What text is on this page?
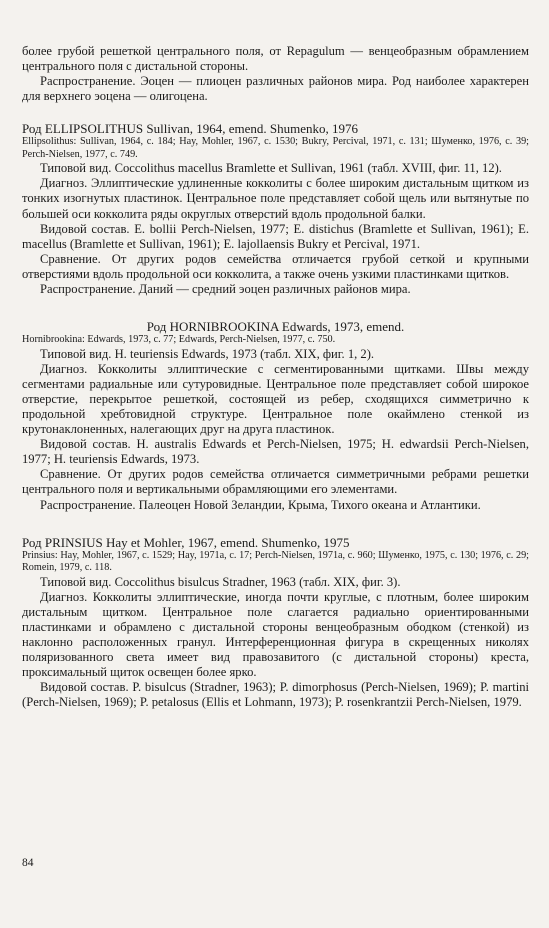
более грубой решеткой центрального поля, от Repagulum — венцеобразным обрамлением центрального поля с дистальной стороны.

Распространение. Эоцен — плиоцен различных районов мира. Род наиболее характерен для верхнего эоцена — олигоцена.

Род ELLIPSOLITHUS Sullivan, 1964, emend. Shumenko, 1976

Ellipsolithus: Sullivan, 1964, c. 184; Hay, Mohler, 1967, c. 1530; Bukry, Percival, 1971, c. 131; Шуменко, 1976, c. 39; Perch-Nielsen, 1977, c. 749.

Типовой вид. Coccolithus macellus Bramlette et Sullivan, 1961 (табл. XVIII, фиг. 11, 12).

Диагноз. Эллиптические удлиненные кокколиты с более широким дистальным щитком из тонких изогнутых пластинок. Центральное поле представляет собой щель или вытянутые по большей оси кокколита ряды округлых отверстий вдоль продольной балки.

Видовой состав. E. bollii Perch-Nielsen, 1977; E. distichus (Bramlette et Sullivan, 1961); E. macellus (Bramlette et Sullivan, 1961); E. lajollaensis Bukry et Percival, 1971.

Сравнение. От других родов семейства отличается грубой сеткой и крупными отверстиями вдоль продольной оси кокколита, а также очень узкими пластинками щитков.

Распространение. Даний — средний эоцен различных районов мира.

Род HORNIBROOKINA Edwards, 1973, emend.

Hornibrookina: Edwards, 1973, c. 77; Edwards, Perch-Nielsen, 1977, c. 750.

Типовой вид. H. teuriensis Edwards, 1973 (табл. XIX, фиг. 1, 2).

Диагноз. Кокколиты эллиптические с сегментированными щитками. Швы между сегментами радиальные или сутуровидные. Центральное поле представляет собой широкое отверстие, перекрытое решеткой, состоящей из ребер, сходящихся симметрично к продольной хребтовидной структуре. Центральное поле окаймлено стенкой из крутонаклоненных, налегающих друг на друга пластинок.

Видовой состав. H. australis Edwards et Perch-Nielsen, 1975; H. edwardsii Perch-Nielsen, 1977; H. teuriensis Edwards, 1973.

Сравнение. От других родов семейства отличается симметричными ребрами решетки центрального поля и вертикальными обрамляющими его элементами.

Распространение. Палеоцен Новой Зеландии, Крыма, Тихого океана и Атлантики.

Род PRINSIUS Hay et Mohler, 1967, emend. Shumenko, 1975

Prinsius: Hay, Mohler, 1967, c. 1529; Hay, 1971a, c. 17; Perch-Nielsen, 1971a, c. 960; Шуменко, 1975, c. 130; 1976, c. 29; Romein, 1979, c. 118.

Типовой вид. Coccolithus bisulcus Stradner, 1963 (табл. XIX, фиг. 3).

Диагноз. Кокколиты эллиптические, иногда почти круглые, с плотным, более широким дистальным щитком. Центральное поле слагается радиально ориентированными пластинками и обрамлено с дистальной стороны венцеобразным ободком (стенкой) из наклонно расположенных гранул. Интерференционная фигура в скрещенных николях поляризованного света имеет вид правозавитого (с дистальной стороны) креста, проксимальный щиток освещен более ярко.

Видовой состав. P. bisulcus (Stradner, 1963); P. dimorphosus (Perch-Nielsen, 1969); P. martini (Perch-Nielsen, 1969); P. petalosus (Ellis et Lohmann, 1973); P. rosenkrantzii Perch-Nielsen, 1979.

84
